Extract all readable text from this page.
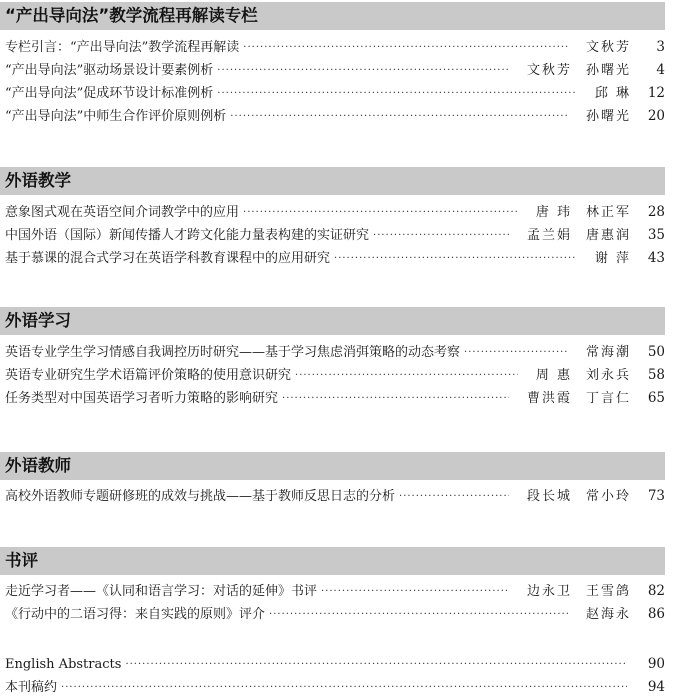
“产出导向法”教学流程再解读专栏
专栏引言：“产出导向法”教学流程再解读 ·····	文秋芳	3
“产出导向法”驱动场景设计要素例析 ·····	文秋芳 孙曙光	4
“产出导向法”促成环节设计标准例析 ·····	邱 琳	12
“产出导向法”中师生合作评价原则例析 ·····	孙曙光	20
外语教学
意象图式观在英语空间介词教学中的应用 ·····	唐 玮 林正军	28
中国外语（国际）新闻传播人才跨文化能力量表构建的实证研究 ·····	孟兰娟 唐惠润	35
基于慕课的混合式学习在英语学科教育课程中的应用研究 ·····	谢 萍	43
外语学习
英语专业学生学习情感自我调控历时研究——基于学习焦虑消弭策略的动态考察 ·····	常海潮	50
英语专业研究生学术语篇评价策略的使用意识研究 ·····	周 惠 刘永兵	58
任务类型对中国英语学习者听力策略的影响研究 ·····	曹洪霞 丁言仁	65
外语教师
高校外语教师专题研修班的成效与挑战——基于教师反思日志的分析 ·····	段长城 常小玲	73
书评
走近学习者——《认同和语言学习：对话的延伸》书评 ·····	边永卫 王雪鸽	82
《行动中的二语习得：来自实践的原则》评介 ·····	赵海永	86
English Abstracts ·····	90
本刊稿约 ·····	94
